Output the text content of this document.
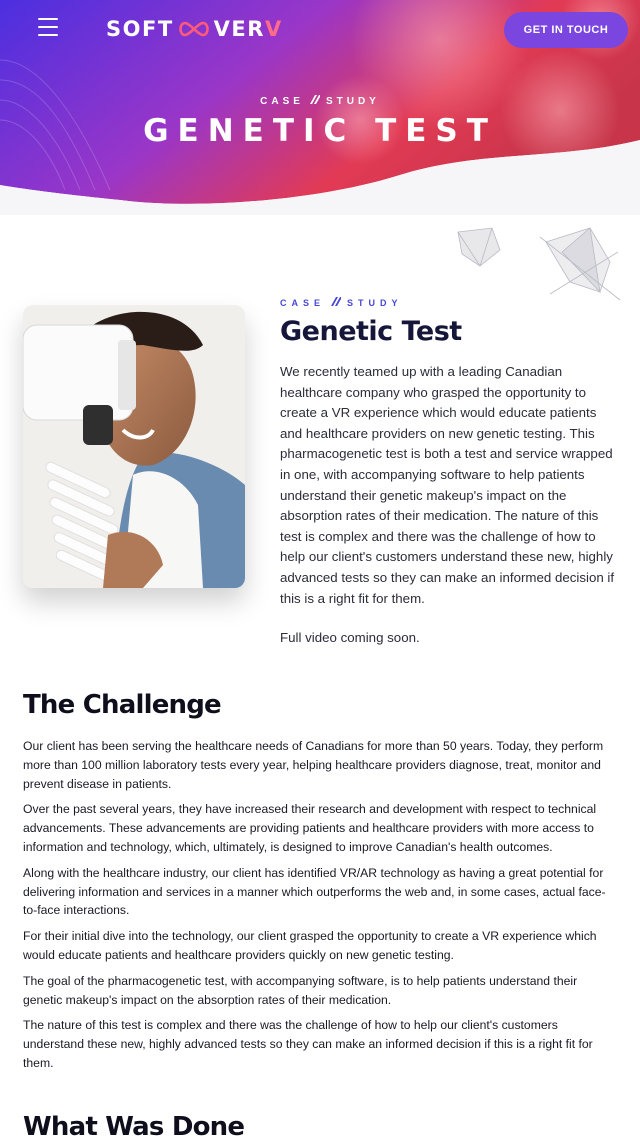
SOFT VER V	GET IN TOUCH
CASE STUDY
GENETIC TEST
CASE STUDY
Genetic Test

We recently teamed up with a leading Canadian healthcare company who grasped the opportunity to create a VR experience which would educate patients and healthcare providers on new genetic testing. This pharmacogenetic test is both a test and service wrapped in one, with accompanying software to help patients understand their genetic makeup's impact on the absorption rates of their medication. The nature of this test is complex and there was the challenge of how to help our client's customers understand these new, highly advanced tests so they can make an informed decision if this is a right fit for them.

Full video coming soon.

The Challenge

Our client has been serving the healthcare needs of Canadians for more than 50 years. Today, they perform more than 100 million laboratory tests every year, helping healthcare providers diagnose, treat, monitor and prevent disease in patients.

Over the past several years, they have increased their research and development with respect to technical advancements. These advancements are providing patients and healthcare providers with more access to information and technology, which, ultimately, is designed to improve Canadian's health outcomes.

Along with the healthcare industry, our client has identified VR/AR technology as having a great potential for delivering information and services in a manner which outperforms the web and, in some cases, actual face-to-face interactions.

For their initial dive into the technology, our client grasped the opportunity to create a VR experience which would educate patients and healthcare providers quickly on new genetic testing.

The goal of the pharmacogenetic test, with accompanying software, is to help patients understand their genetic makeup's impact on the absorption rates of their medication.

The nature of this test is complex and there was the challenge of how to help our client's customers understand these new, highly advanced tests so they can make an informed decision if this is a right fit for them.

What Was Done
